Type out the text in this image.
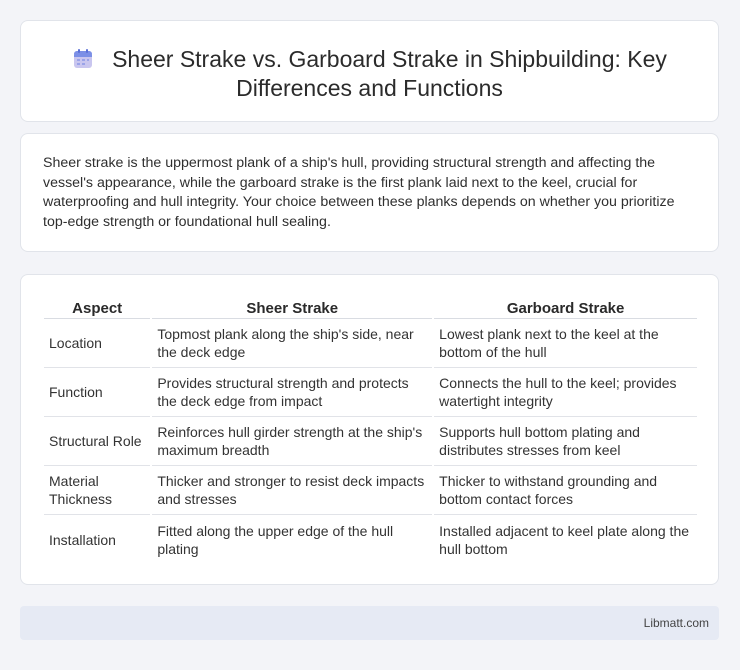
Sheer Strake vs. Garboard Strake in Shipbuilding: Key Differences and Functions

Sheer strake is the uppermost plank of a ship's hull, providing structural strength and affecting the vessel's appearance, while the garboard strake is the first plank laid next to the keel, crucial for waterproofing and hull integrity. Your choice between these planks depends on whether you prioritize top-edge strength or foundational hull sealing.

Aspect	Sheer Strake	Garboard Strake
Location	Topmost plank along the ship's side, near the deck edge	Lowest plank next to the keel at the bottom of the hull
Function	Provides structural strength and protects the deck edge from impact	Connects the hull to the keel; provides watertight integrity
Structural Role	Reinforces hull girder strength at the ship's maximum breadth	Supports hull bottom plating and distributes stresses from keel
Material Thickness	Thicker and stronger to resist deck impacts and stresses	Thicker to withstand grounding and bottom contact forces
Installation	Fitted along the upper edge of the hull plating	Installed adjacent to keel plate along the hull bottom
Libmatt.com
